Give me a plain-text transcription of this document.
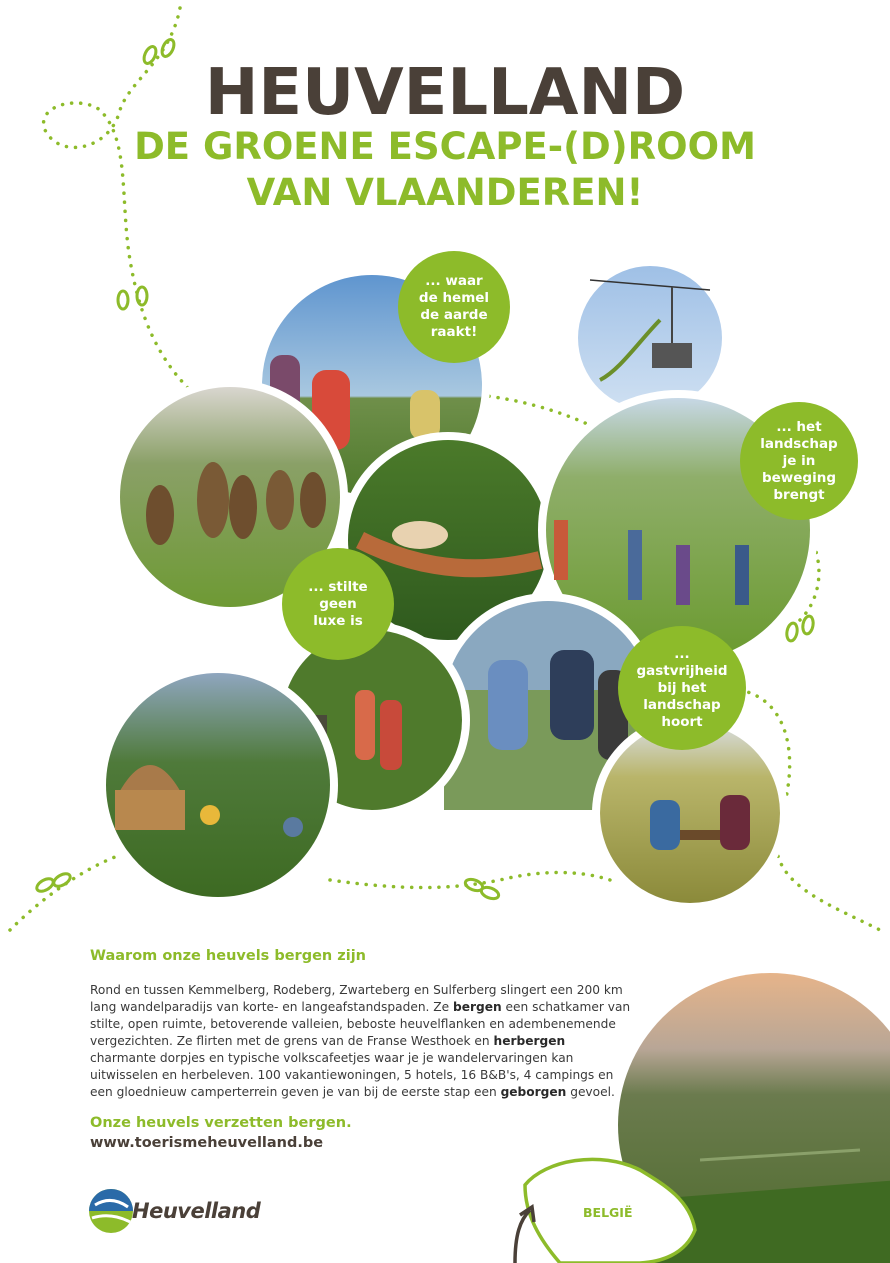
HEUVELLAND
DE GROENE ESCAPE-(D)ROOM
VAN VLAANDEREN!
... waar de hemel de aarde raakt!
... het landschap je in beweging brengt
... stilte geen luxe is
... gastvrijheid bij het landschap hoort
Waarom onze heuvels bergen zijn
Rond en tussen Kemmelberg, Rodeberg, Zwarteberg en Sulferberg slingert een 200 km lang wandelparadijs van korte- en langeafstandspaden. Ze bergen een schatkamer van stilte, open ruimte, betoverende valleien, beboste heuvelflanken en adembenemende vergezichten. Ze flirten met de grens van de Franse Westhoek en herbergen charmante dorpjes en typische volkscafeetjes waar je je wandelervaringen kan uitwisselen en herbeleven. 100 vakantiewoningen, 5 hotels, 16 B&B's, 4 campings en een gloednieuw camperterrein geven je van bij de eerste stap een geborgen gevoel.
Onze heuvels verzetten bergen.
www.toerismeheuvelland.be
Heuvelland	BELGIË
